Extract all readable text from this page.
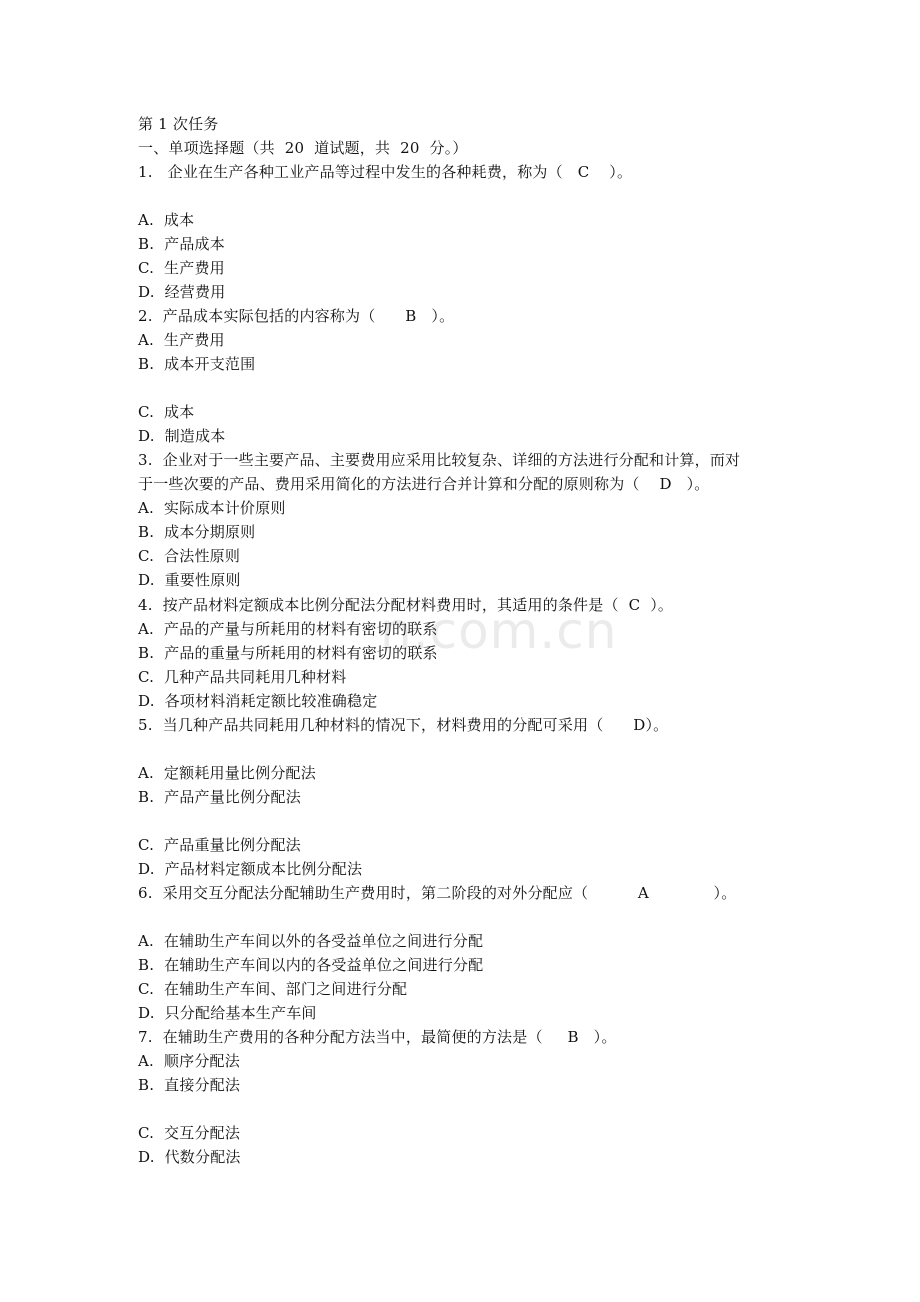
n.com.cn
第 1 次任务
一、单项选择题（共  20  道试题，共  20  分。）
1.   企业在生产各种工业产品等过程中发生的各种耗费，称为（   C    ）。
A.  成本
B.  产品成本
C.  生产费用
D.  经营费用
2.  产品成本实际包括的内容称为（      B   ）。
A.  生产费用
B.  成本开支范围
C.  成本
D.  制造成本
3.  企业对于一些主要产品、主要费用应采用比较复杂、详细的方法进行分配和计算，而对
于一些次要的产品、费用采用简化的方法进行合并计算和分配的原则称为（    D   ）。
A.  实际成本计价原则
B.  成本分期原则
C.  合法性原则
D.  重要性原则
4.  按产品材料定额成本比例分配法分配材料费用时，其适用的条件是（  C  ）。
A.  产品的产量与所耗用的材料有密切的联系
B.  产品的重量与所耗用的材料有密切的联系
C.  几种产品共同耗用几种材料
D.  各项材料消耗定额比较准确稳定
5.  当几种产品共同耗用几种材料的情况下，材料费用的分配可采用（      D）。
A.  定额耗用量比例分配法
B.  产品产量比例分配法
C.  产品重量比例分配法
D.  产品材料定额成本比例分配法
6.  采用交互分配法分配辅助生产费用时，第二阶段的对外分配应（          A             ）。
A.  在辅助生产车间以外的各受益单位之间进行分配
B.  在辅助生产车间以内的各受益单位之间进行分配
C.  在辅助生产车间、部门之间进行分配
D.  只分配给基本生产车间
7.  在辅助生产费用的各种分配方法当中，最简便的方法是（     B   ）。
A.  顺序分配法
B.  直接分配法
C.  交互分配法
D.  代数分配法
